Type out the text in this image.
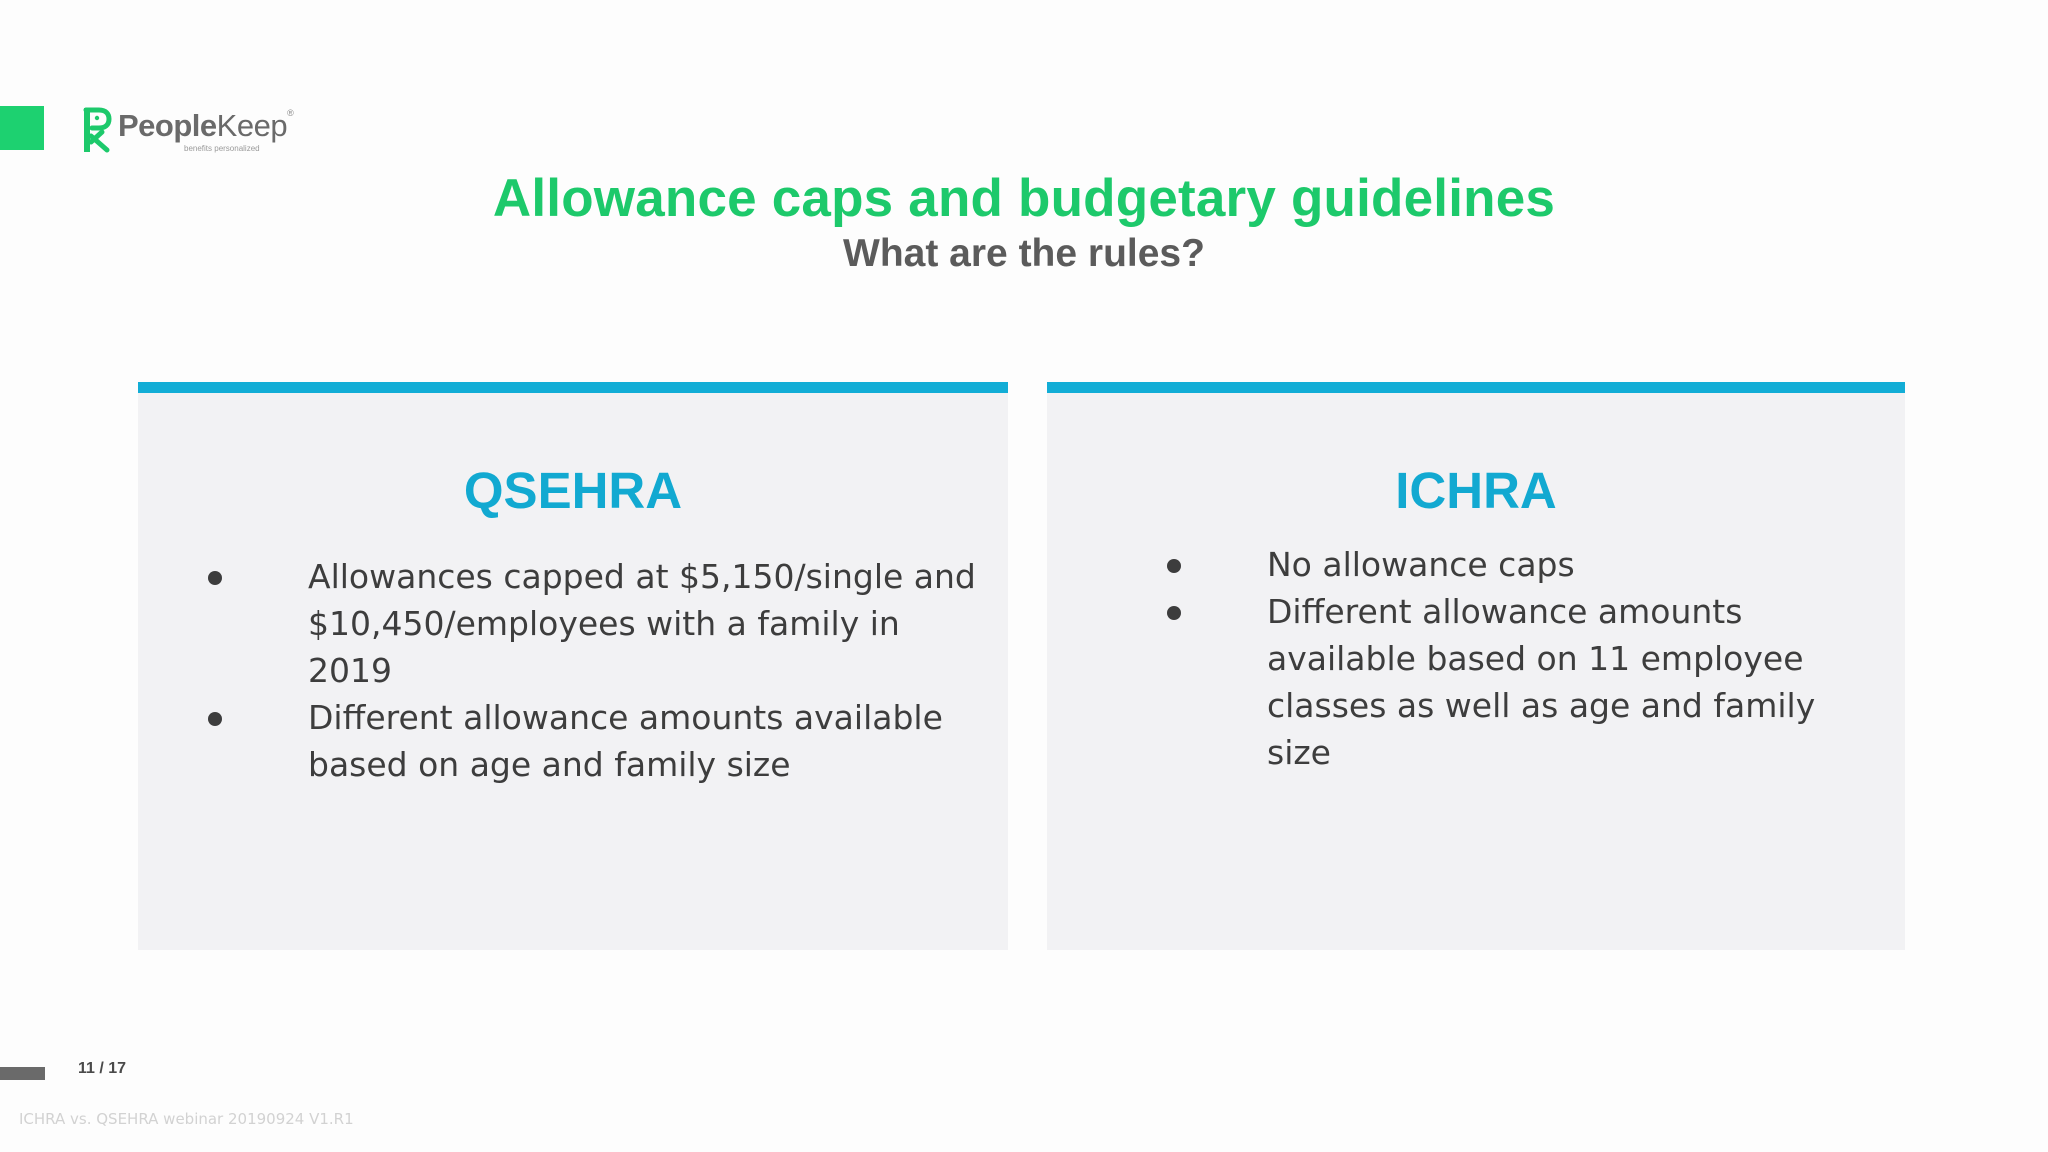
PeopleKeep®
benefits personalized
Allowance caps and budgetary guidelines
What are the rules?
QSEHRA
Allowances capped at $5,150/single and $10,450/employees with a family in 2019
Different allowance amounts available based on age and family size
ICHRA
No allowance caps
Different allowance amounts available based on 11 employee classes as well as age and family size
11 / 17
ICHRA vs. QSEHRA webinar 20190924 V1.R1
